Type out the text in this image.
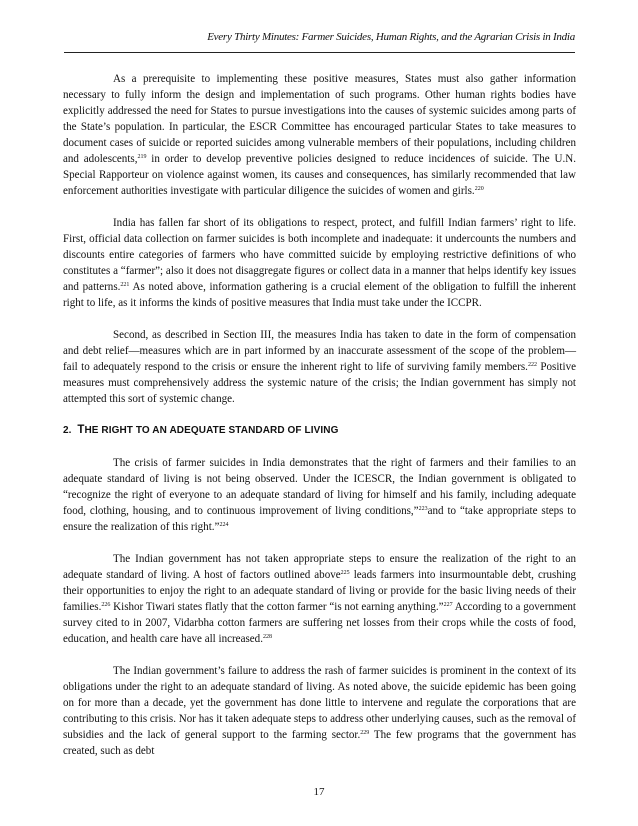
Every Thirty Minutes: Farmer Suicides, Human Rights, and the Agrarian Crisis in India

As a prerequisite to implementing these positive measures, States must also gather information necessary to fully inform the design and implementation of such programs. Other human rights bodies have explicitly addressed the need for States to pursue investigations into the causes of systemic suicides among parts of the State’s population. In particular, the ESCR Committee has encouraged particular States to take measures to document cases of suicide or reported suicides among vulnerable members of their populations, including children and adolescents,$^{219}$ in order to develop preventive policies designed to reduce incidences of suicide. The U.N. Special Rapporteur on violence against women, its causes and consequences, has similarly recommended that law enforcement authorities investigate with particular diligence the suicides of women and girls.$^{220}$

India has fallen far short of its obligations to respect, protect, and fulfill Indian farmers’ right to life. First, official data collection on farmer suicides is both incomplete and inadequate: it undercounts the numbers and discounts entire categories of farmers who have committed suicide by employing restrictive definitions of who constitutes a “farmer”; also it does not disaggregate figures or collect data in a manner that helps identify key issues and patterns.$^{221}$ As noted above, information gathering is a crucial element of the obligation to fulfill the inherent right to life, as it informs the kinds of positive measures that India must take under the ICCPR.

Second, as described in Section III, the measures India has taken to date in the form of compensation and debt relief—measures which are in part informed by an inaccurate assessment of the scope of the problem—fail to adequately respond to the crisis or ensure the inherent right to life of surviving family members.$^{222}$ Positive measures must comprehensively address the systemic nature of the crisis; the Indian government has simply not attempted this sort of systemic change.

2. THE RIGHT TO AN ADEQUATE STANDARD OF LIVING

The crisis of farmer suicides in India demonstrates that the right of farmers and their families to an adequate standard of living is not being observed. Under the ICESCR, the Indian government is obligated to “recognize the right of everyone to an adequate standard of living for himself and his family, including adequate food, clothing, housing, and to continuous improvement of living conditions,”$^{223}$and to “take appropriate steps to ensure the realization of this right.”$^{224}$

The Indian government has not taken appropriate steps to ensure the realization of the right to an adequate standard of living. A host of factors outlined above$^{225}$ leads farmers into insurmountable debt, crushing their opportunities to enjoy the right to an adequate standard of living or provide for the basic living needs of their families.$^{226}$ Kishor Tiwari states flatly that the cotton farmer “is not earning anything.”$^{227}$ According to a government survey cited to in 2007, Vidarbha cotton farmers are suffering net losses from their crops while the costs of food, education, and health care have all increased.$^{228}$

The Indian government’s failure to address the rash of farmer suicides is prominent in the context of its obligations under the right to an adequate standard of living. As noted above, the suicide epidemic has been going on for more than a decade, yet the government has done little to intervene and regulate the corporations that are contributing to this crisis. Nor has it taken adequate steps to address other underlying causes, such as the removal of subsidies and the lack of general support to the farming sector.$^{229}$ The few programs that the government has created, such as debt

17
